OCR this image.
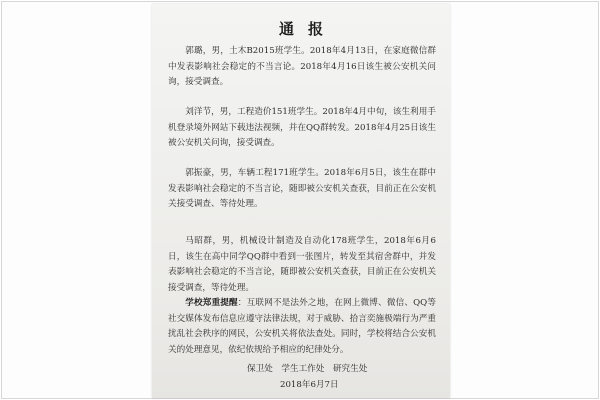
通报

郭璐，男，土木B2015班学生。2018年4月13日，在家庭微信群中发表影响社会稳定的不当言论。2018年4月16日该生被公安机关问询，接受调查。

刘洋节，男，工程造价151班学生。2018年4月中旬，该生利用手机登录境外网站下载违法视频，并在QQ群转发。2018年4月25日该生被公安机关问询，接受调查。

郭振豪，男，车辆工程171班学生。2018年6月5日，该生在群中发表影响社会稳定的不当言论，随即被公安机关查获，目前正在公安机关接受调查、等待处理。

马昭群，男，机械设计制造及自动化178班学生，2018年6月6日，该生在高中同学QQ群中看到一张图片，转发至其宿舍群中，并发表影响社会稳定的不当言论，随即被公安机关查获，目前正在公安机关接受调查，等待处理。

学校郑重提醒：互联网不是法外之地，在网上微博、微信、QQ等社交媒体发布信息应遵守法律法规，对于威胁、拾言奕施极端行为严重扰乱社会秩序的网民，公安机关将依法查处。同时，学校将结合公安机关的处理意见，依纪依规给予相应的纪律处分。

保卫处　学生工作处　研究生处
2018年6月7日
